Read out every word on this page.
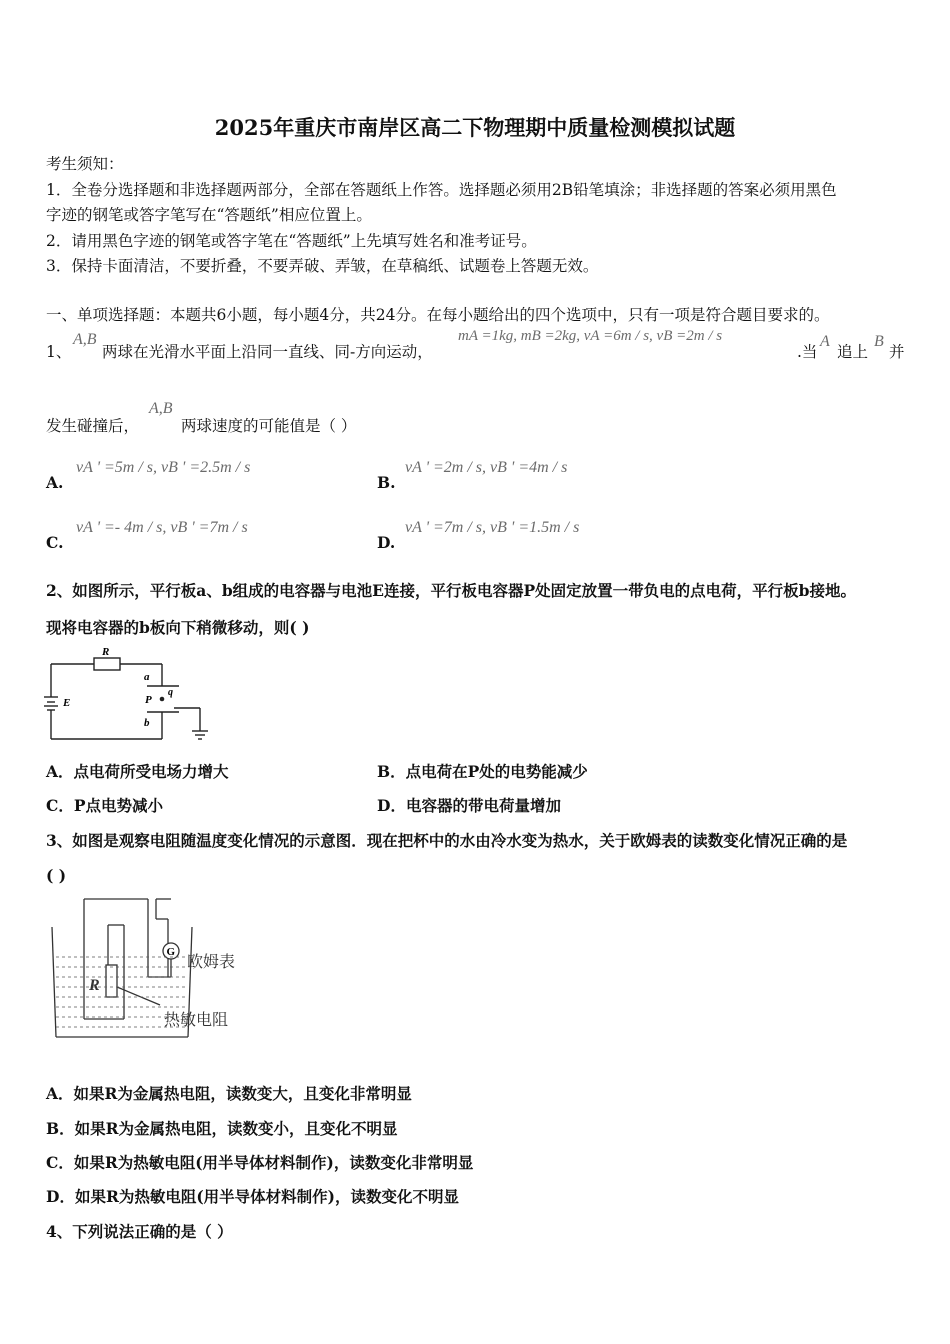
2025年重庆市南岸区高二下物理期中质量检测模拟试题
考生须知：
1．全卷分选择题和非选择题两部分，全部在答题纸上作答。选择题必须用2B铅笔填涂；非选择题的答案必须用黑色
字迹的钢笔或答字笔写在“答题纸”相应位置上。
2．请用黑色字迹的钢笔或答字笔在“答题纸”上先填写姓名和准考证号。
3．保持卡面清洁，不要折叠，不要弄破、弄皱，在草稿纸、试题卷上答题无效。
一、单项选择题：本题共6小题，每小题4分，共24分。在每小题给出的四个选项中，只有一项是符合题目要求的。
1、
A,B
两球在光滑水平面上沿同一直线、同-方向运动，
mA =1kg, mB =2kg, vA =6m / s, vB =2m / s
.当
A
追上
B
并
发生碰撞后，
A,B
两球速度的可能值是（ ）
A.
vA ' =5m / s, vB ' =2.5m / s
B.
vA ' =2m / s, vB ' =4m / s
C.
vA ' =- 4m / s, vB ' =7m / s
D.
vA ' =7m / s, vB ' =1.5m / s
2、如图所示，平行板a、b组成的电容器与电池E连接，平行板电容器P处固定放置一带负电的点电荷，平行板b接地。
现将电容器的b板向下稍微移动，则( )
R
E
a
b
P
q
A．点电荷所受电场力增大	B．点电荷在P处的电势能减少
C．P点电势减小	D．电容器的带电荷量增加
3、如图是观察电阻随温度变化情况的示意图．现在把杯中的水由冷水变为热水，关于欧姆表的读数变化情况正确的是
( )
G
R
欧姆表
热敏电阻
A．如果R为金属热电阻，读数变大，且变化非常明显
B．如果R为金属热电阻，读数变小，且变化不明显
C．如果R为热敏电阻(用半导体材料制作)，读数变化非常明显
D．如果R为热敏电阻(用半导体材料制作)，读数变化不明显
4、下列说法正确的是（ ）
